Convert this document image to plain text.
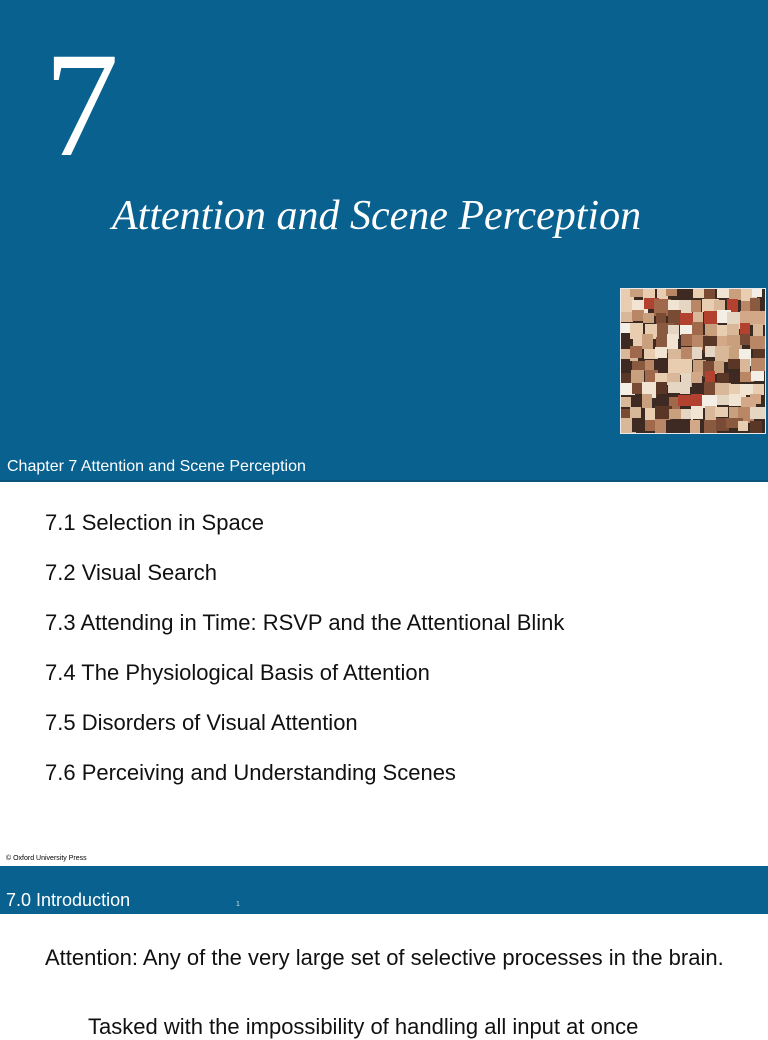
7
Attention and Scene Perception
Chapter 7 Attention and Scene Perception
7.1 Selection in Space
7.2 Visual Search
7.3 Attending in Time: RSVP and the Attentional Blink
7.4 The Physiological Basis of Attention
7.5 Disorders of Visual Attention
7.6 Perceiving and Understanding Scenes
© Oxford University Press
7.0 Introduction	1
Attention: Any of the very large set of selective processes in the brain.
Tasked with the impossibility of handling all input at once
